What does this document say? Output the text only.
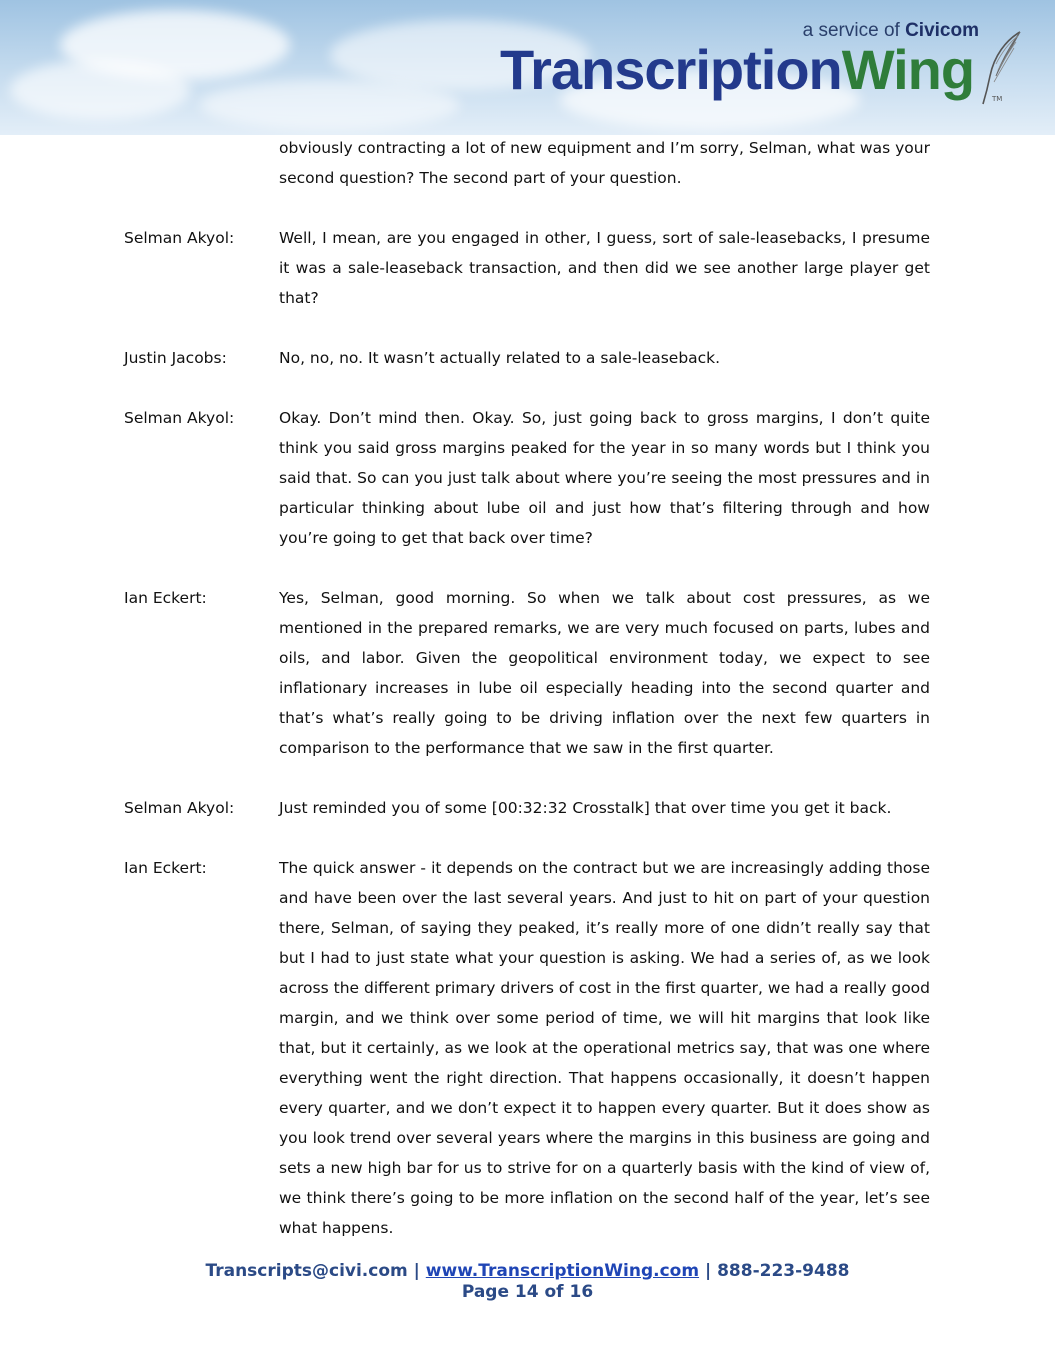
a service of Civicom
TranscriptionWing	TM
obviously contracting a lot of new equipment and I’m sorry, Selman, what was your second question? The second part of your question.
Selman Akyol:	Well, I mean, are you engaged in other, I guess, sort of sale-leasebacks, I presume it was a sale-leaseback transaction, and then did we see another large player get that?
Justin Jacobs:	No, no, no. It wasn’t actually related to a sale-leaseback.
Selman Akyol:	Okay. Don’t mind then. Okay. So, just going back to gross margins, I don’t quite think you said gross margins peaked for the year in so many words but I think you said that. So can you just talk about where you’re seeing the most pressures and in particular thinking about lube oil and just how that’s filtering through and how you’re going to get that back over time?
Ian Eckert:	Yes, Selman, good morning. So when we talk about cost pressures, as we mentioned in the prepared remarks, we are very much focused on parts, lubes and oils, and labor. Given the geopolitical environment today, we expect to see inflationary increases in lube oil especially heading into the second quarter and that’s what’s really going to be driving inflation over the next few quarters in comparison to the performance that we saw in the first quarter.
Selman Akyol:	Just reminded you of some [00:32:32 Crosstalk] that over time you get it back.
Ian Eckert:	The quick answer - it depends on the contract but we are increasingly adding those and have been over the last several years. And just to hit on part of your question there, Selman, of saying they peaked, it’s really more of one didn’t really say that but I had to just state what your question is asking. We had a series of, as we look across the different primary drivers of cost in the first quarter, we had a really good margin, and we think over some period of time, we will hit margins that look like that, but it certainly, as we look at the operational metrics say, that was one where everything went the right direction. That happens occasionally, it doesn’t happen every quarter, and we don’t expect it to happen every quarter. But it does show as you look trend over several years where the margins in this business are going and sets a new high bar for us to strive for on a quarterly basis with the kind of view of, we think there’s going to be more inflation on the second half of the year, let’s see what happens.
Transcripts@civi.com | www.TranscriptionWing.com | 888-223-9488
Page 14 of 16
